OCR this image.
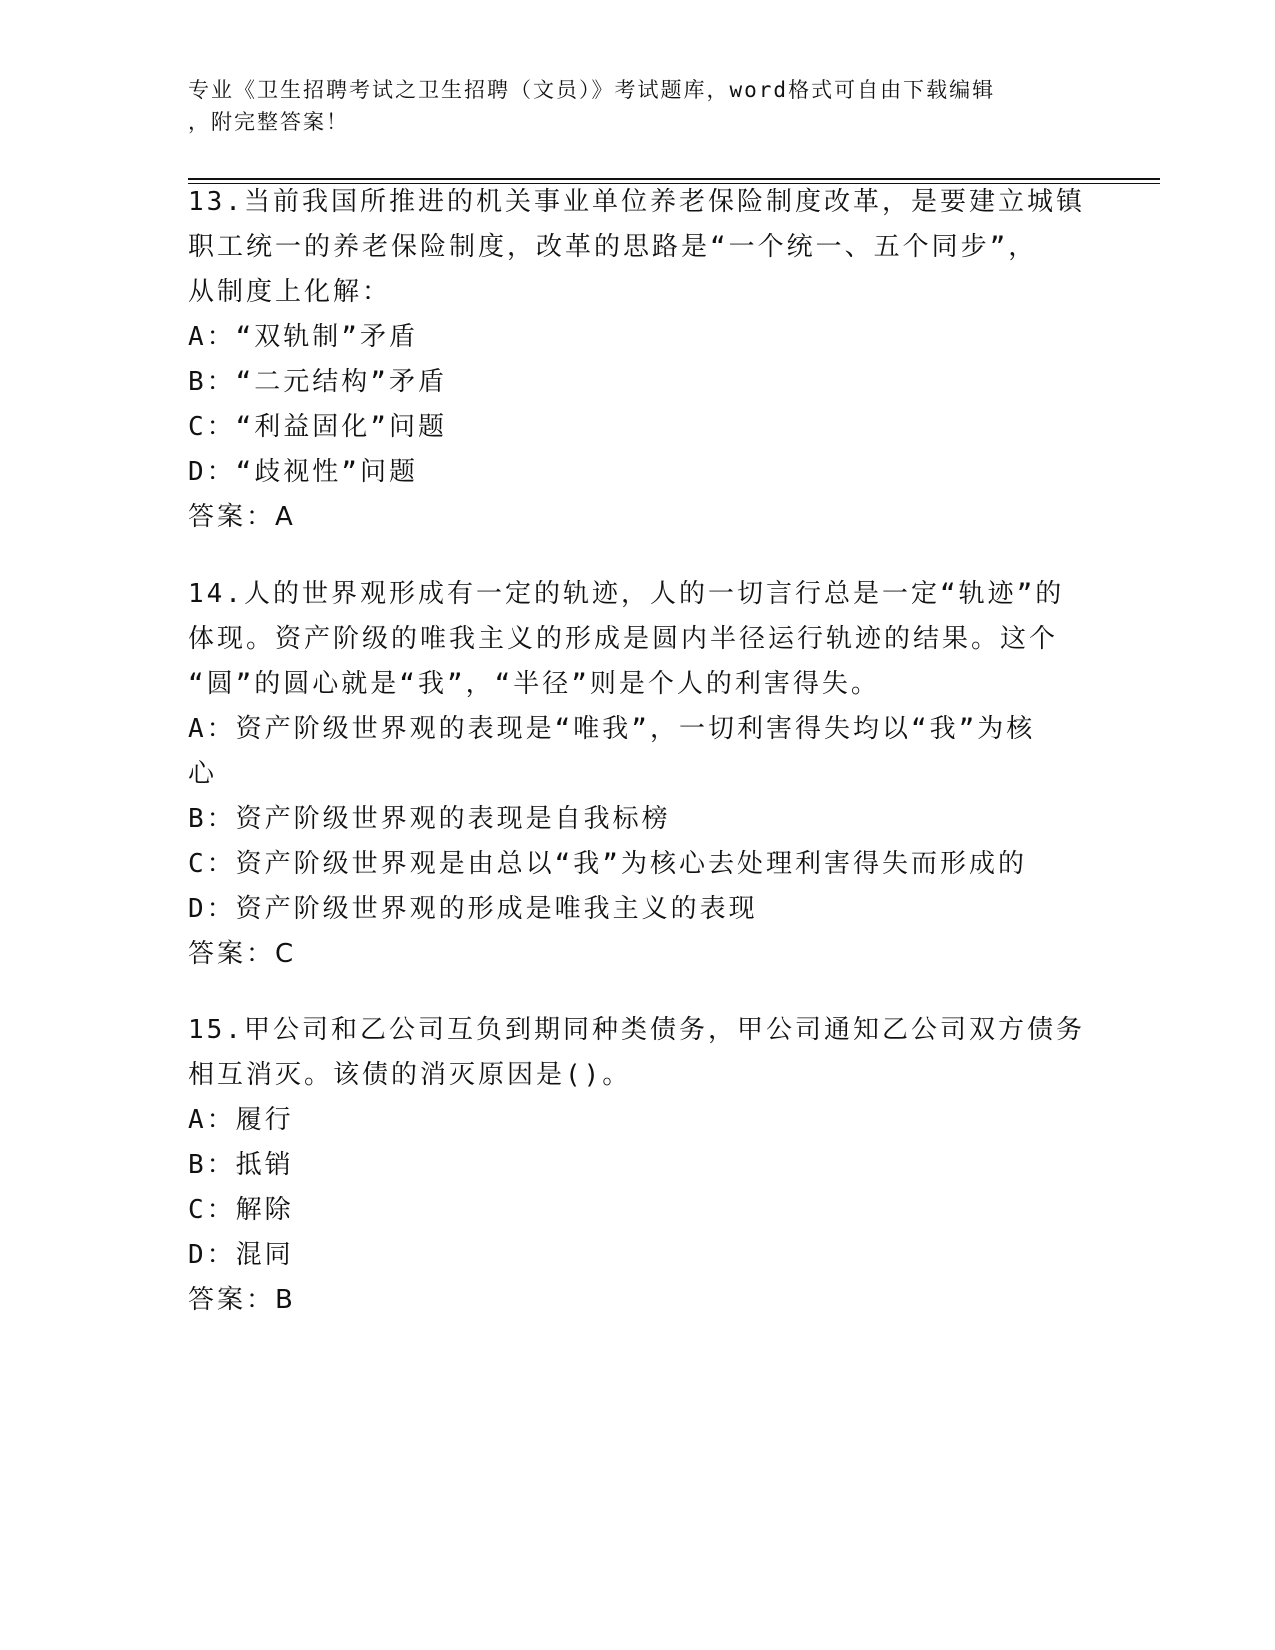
专业《卫生招聘考试之卫生招聘（文员）》考试题库，word格式可自由下载编辑

，附完整答案！

13.当前我国所推进的机关事业单位养老保险制度改革，是要建立城镇

职工统一的养老保险制度，改革的思路是“一个统一、五个同步”，

从制度上化解：

A：“双轨制”矛盾

B：“二元结构”矛盾

C：“利益固化”问题

D：“歧视性”问题

答案：A

14.人的世界观形成有一定的轨迹，人的一切言行总是一定“轨迹”的

体现。资产阶级的唯我主义的形成是圆内半径运行轨迹的结果。这个

“圆”的圆心就是“我”，“半径”则是个人的利害得失。

A：资产阶级世界观的表现是“唯我”，一切利害得失均以“我”为核

心

B：资产阶级世界观的表现是自我标榜

C：资产阶级世界观是由总以“我”为核心去处理利害得失而形成的

D：资产阶级世界观的形成是唯我主义的表现

答案：C

15.甲公司和乙公司互负到期同种类债务，甲公司通知乙公司双方债务

相互消灭。该债的消灭原因是()。

A：履行

B：抵销

C：解除

D：混同

答案：B
